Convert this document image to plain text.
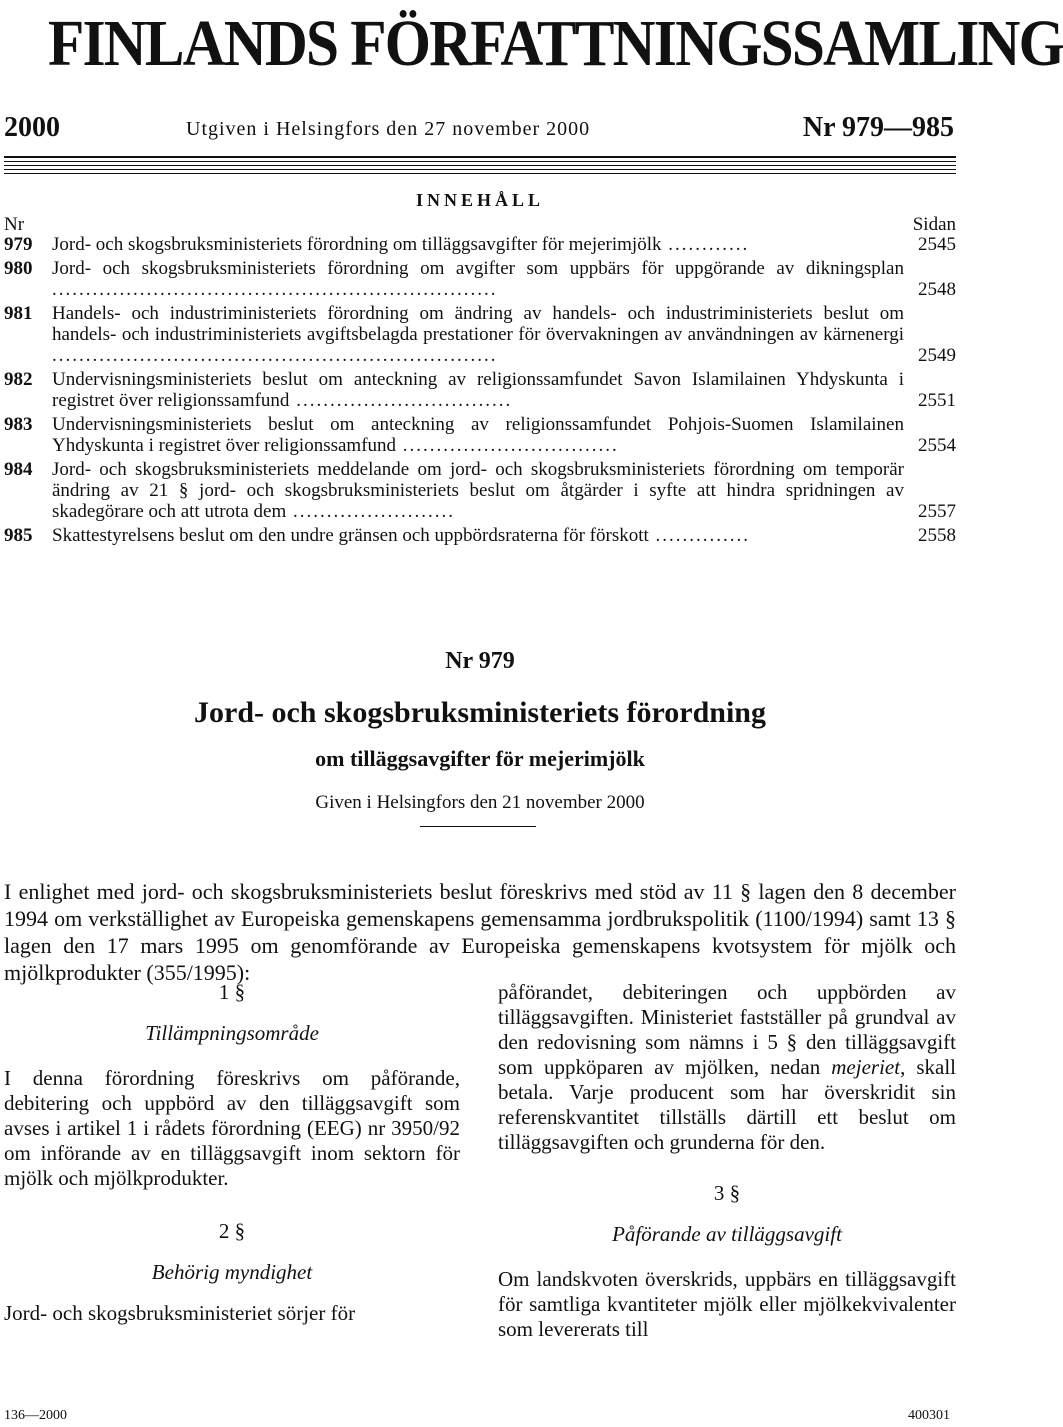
FINLANDS FÖRFATTNINGSSAMLING
2000	Utgiven i Helsingfors den 27 november 2000	Nr 979—985
INNEHÅLL
Nr	Sidan
979	Jord- och skogsbruksministeriets förordning om tilläggsavgifter för mejerimjölk ............	2545
980	Jord- och skogsbruksministeriets förordning om avgifter som uppbärs för uppgörande av dikningsplan ..................................................................	2548
981	Handels- och industriministeriets förordning om ändring av handels- och industriministeriets beslut om handels- och industriministeriets avgiftsbelagda prestationer för övervakningen av användningen av kärnenergi ..................................................................	2549
982	Undervisningsministeriets beslut om anteckning av religionssamfundet Savon Islamilainen Yhdyskunta i registret över religionssamfund ................................	2551
983	Undervisningsministeriets beslut om anteckning av religionssamfundet Pohjois-Suomen Islamilainen Yhdyskunta i registret över religionssamfund ................................	2554
984	Jord- och skogsbruksministeriets meddelande om jord- och skogsbruksministeriets förordning om temporär ändring av 21 § jord- och skogsbruksministeriets beslut om åtgärder i syfte att hindra spridningen av skadegörare och att utrota dem ........................	2557
985	Skattestyrelsens beslut om den undre gränsen och uppbördsraterna för förskott ..............	2558
Nr 979
Jord- och skogsbruksministeriets förordning
om tilläggsavgifter för mejerimjölk
Given i Helsingfors den 21 november 2000

I enlighet med jord- och skogsbruksministeriets beslut föreskrivs med stöd av 11 § lagen den 8 december 1994 om verkställighet av Europeiska gemenskapens gemensamma jordbrukspolitik (1100/1994) samt 13 § lagen den 17 mars 1995 om genomförande av Europeiska gemenskapens kvotsystem för mjölk och mjölkprodukter (355/1995):

1 §

Tillämpningsområde

I denna förordning föreskrivs om påförande, debitering och uppbörd av den tilläggsavgift som avses i artikel 1 i rådets förordning (EEG) nr 3950/92 om införande av en tilläggsavgift inom sektorn för mjölk och mjölkprodukter.

2 §

Behörig myndighet

Jord- och skogsbruksministeriet sörjer för

påförandet, debiteringen och uppbörden av tilläggsavgiften. Ministeriet fastställer på grundval av den redovisning som nämns i 5 § den tilläggsavgift som uppköparen av mjölken, nedan mejeriet, skall betala. Varje producent som har överskridit sin referenskvantitet tillställs därtill ett beslut om tilläggsavgiften och grunderna för den.

3 §

Påförande av tilläggsavgift

Om landskvoten överskrids, uppbärs en tilläggsavgift för samtliga kvantiteter mjölk eller mjölkekvivalenter som levererats till

136—2000	400301
